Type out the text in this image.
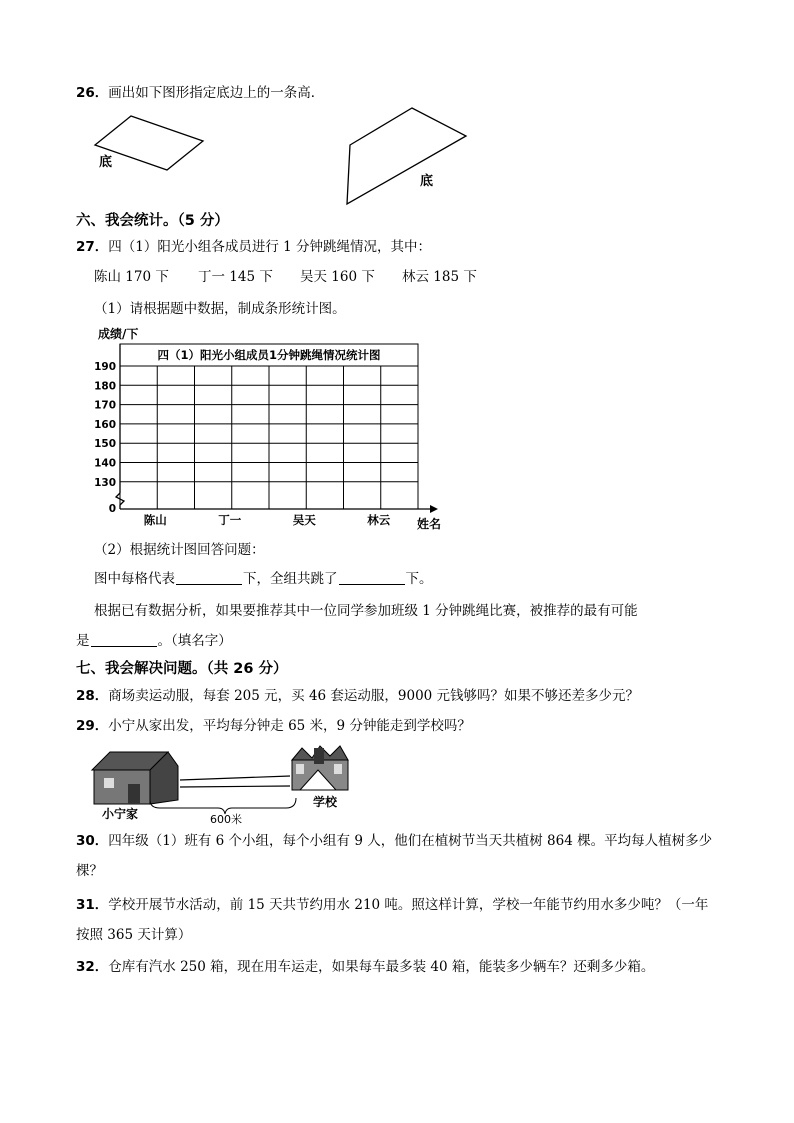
26．画出如下图形指定底边上的一条高．
底
底
六、我会统计。（5 分）
27．四（1）阳光小组各成员进行 1 分钟跳绳情况，其中：
陈山 170 下 丁一 145 下 吴天 160 下 林云 185 下
（1）请根据题中数据，制成条形统计图。
四（1）阳光小组成员1分钟跳绳情况统计图
成绩/下
190
180
170
160
150
140
130
0
陈山	丁一	吴天	林云 姓名
（2）根据统计图回答问题：
图中每格代表	下，全组共跳了	下。
根据已有数据分析，如果要推荐其中一位同学参加班级 1 分钟跳绳比赛，被推荐的最有可能
是	。（填名字）
七、我会解决问题。（共 26 分）
28．商场卖运动服，每套 205 元，买 46 套运动服，9000 元钱够吗？如果不够还差多少元？
29．小宁从家出发，平均每分钟走 65 米，9 分钟能走到学校吗？
小宁家
学校
600米
30．四年级（1）班有 6 个小组，每个小组有 9 人，他们在植树节当天共植树 864 棵。平均每人植树多少
棵？
31．学校开展节水活动，前 15 天共节约用水 210 吨。照这样计算，学校一年能节约用水多少吨？（一年
按照 365 天计算）
32．仓库有汽水 250 箱，现在用车运走，如果每车最多装 40 箱，能装多少辆车？还剩多少箱。
